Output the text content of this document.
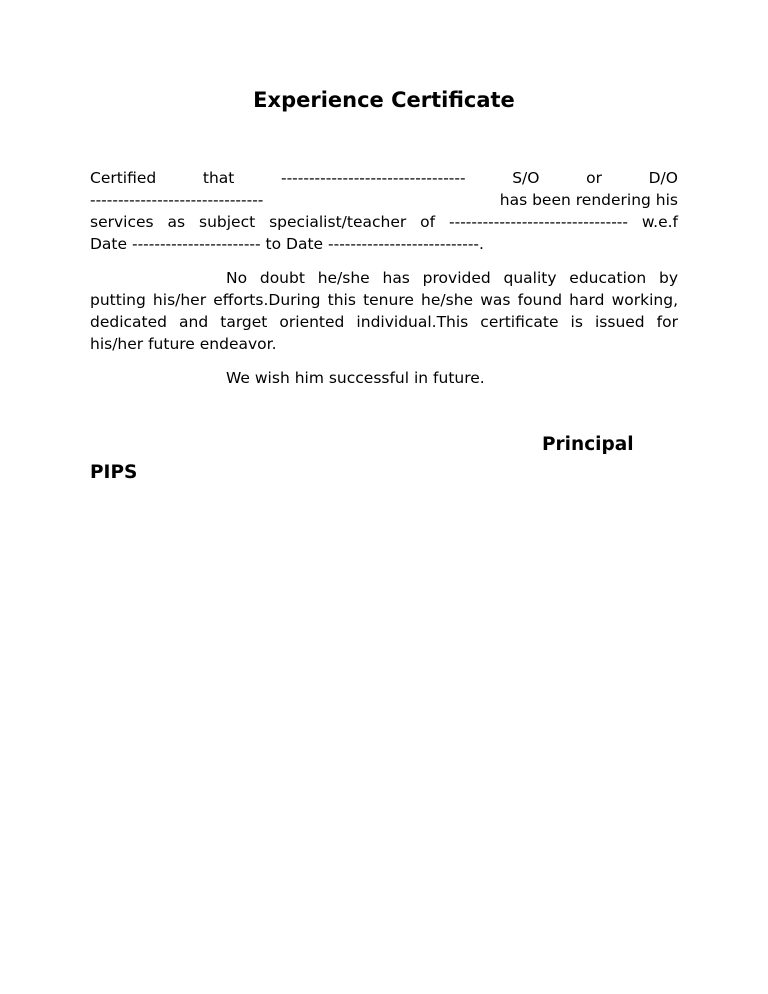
Experience Certificate
Certified	that	---------------------------------	S/O	or	D/O
-------------------------------	has been rendering his
services as subject specialist/teacher of -------------------------------- w.e.f
Date ----------------------- to Date ---------------------------.

No doubt he/she has provided quality education by putting his/her efforts.During this tenure he/she was found hard working, dedicated and target oriented individual.This certificate is issued for his/her future endeavor.

We wish him successful in future.

Principal
PIPS
